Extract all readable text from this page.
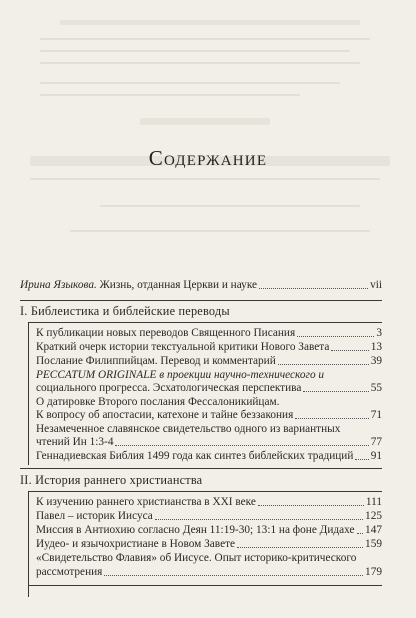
Содержание
Ирина Языкова. Жизнь, отданная Церкви и науке	vii
I. Библеистика и библейские переводы
К публикации новых переводов Священного Писания	3
Краткий очерк истории текстуальной критики Нового Завета	13
Послание Филиппийцам. Перевод и комментарий	39
PECCATUM ORIGINALE в проекции научно-технического и
социального прогресса. Эсхатологическая перспектива	55
О датировке Второго послания Фессалоникийцам.
К вопросу об апостасии, катехоне и тайне беззакония	71
Незамеченное славянское свидетельство одного из вариантных
чтений Ин 1:3-4	77
Геннадиевская Библия 1499 года как синтез библейских традиций 91
II. История раннего христианства
К изучению раннего христианства в XXI веке	111
Павел – историк Иисуса	125
Миссия в Антиохию согласно Деян 11:19-30; 13:1 на фоне Дидахе 147
Иудео- и язычохристиане в Новом Завете	159
«Свидетельство Флавия» об Иисусе. Опыт историко-критического
рассмотрения	179
